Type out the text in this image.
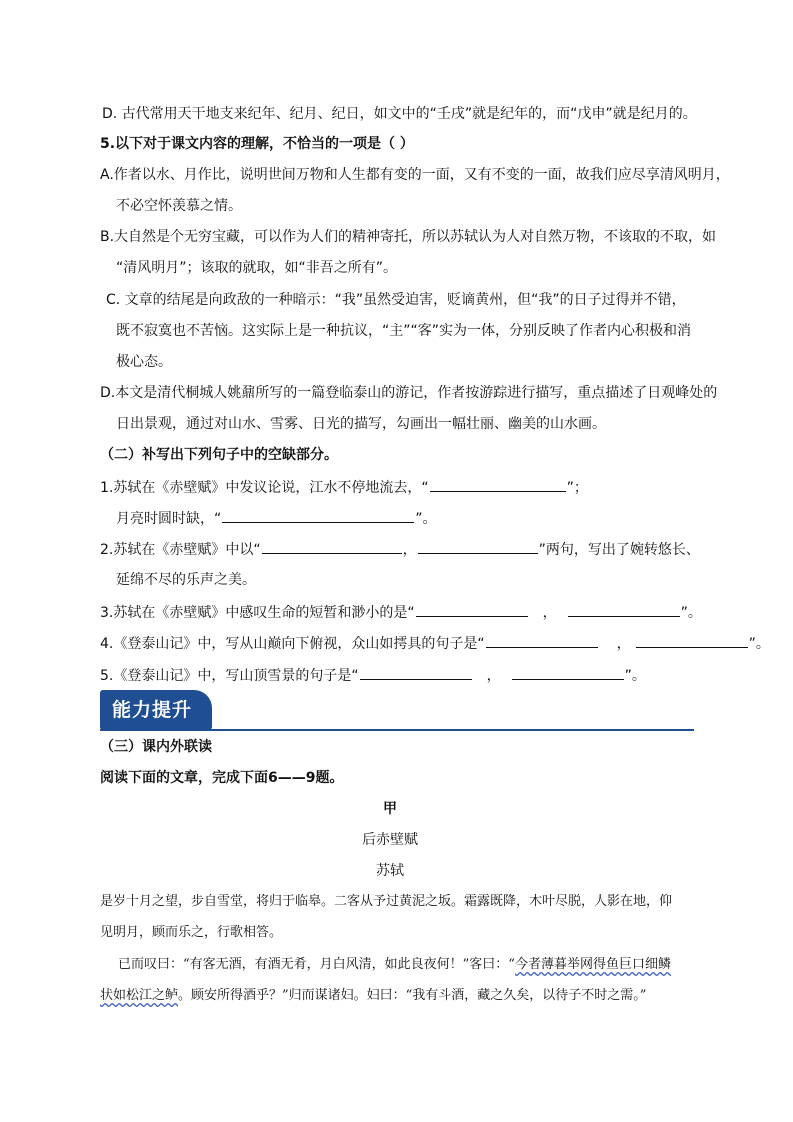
D. 古代常用天干地支来纪年、纪月、纪日，如文中的“壬戌”就是纪年的，而“戊申”就是纪月的。
5.以下对于课文内容的理解，不恰当的一项是（ ）
A.作者以水、月作比，说明世间万物和人生都有变的一面，又有不变的一面，故我们应尽享清风明月，
不必空怀羡慕之情。
B.大自然是个无穷宝藏，可以作为人们的精神寄托，所以苏轼认为人对自然万物，不该取的不取，如
“清风明月”；该取的就取，如“非吾之所有”。
C. 文章的结尾是向政敌的一种暗示：“我”虽然受迫害，贬谪黄州，但“我”的日子过得并不错，
既不寂寞也不苦恼。这实际上是一种抗议，“主”“客”实为一体，分别反映了作者内心积极和消
极心态。
D.本文是清代桐城人姚鼐所写的一篇登临泰山的游记，作者按游踪进行描写，重点描述了日观峰处的
日出景观，通过对山水、雪雾、日光的描写，勾画出一幅壮丽、幽美的山水画。
（二）补写出下列句子中的空缺部分。
1.苏轼在《赤壁赋》中发议论说，江水不停地流去，“	”；
月亮时圆时缺，“	”。
2.苏轼在《赤壁赋》中以“	，	”两句，写出了婉转悠长、
延绵不尽的乐声之美。
3.苏轼在《赤壁赋》中感叹生命的短暂和渺小的是“	，	”。
4.《登泰山记》中，写从山巅向下俯视，众山如摴具的句子是“	，	”。
5.《登泰山记》中，写山顶雪景的句子是“	，	”。
能力提升
（三）课内外联读
阅读下面的文章，完成下面6——9题。
甲
后赤壁赋
苏轼
是岁十月之望，步自雪堂，将归于临皋。二客从予过黄泥之坂。霜露既降，木叶尽脱，人影在地，仰
见明月，顾而乐之，行歌相答。
已而叹曰：“有客无酒，有酒无肴，月白风清，如此良夜何！”客曰：“今者薄暮举网得鱼巨口细鳞
状如松江之鲈。顾安所得酒乎？”归而谋诸妇。妇曰：“我有斗酒，藏之久矣，以待子不时之需。”
